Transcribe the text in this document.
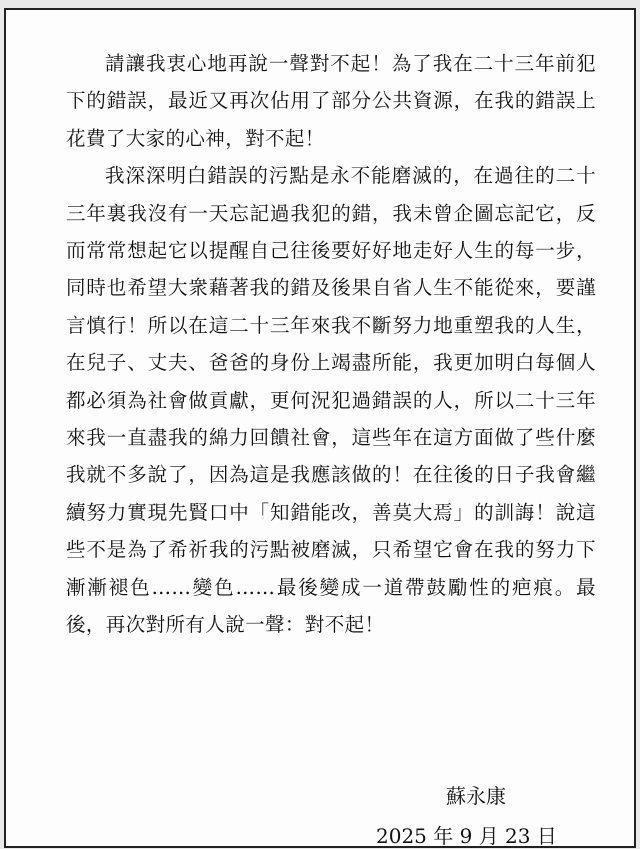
請讓我衷心地再說一聲對不起！為了我在二十三年前犯下的錯誤，最近又再次佔用了部分公共資源，在我的錯誤上花費了大家的心神，對不起！

我深深明白錯誤的污點是永不能磨滅的，在過往的二十三年裏我沒有一天忘記過我犯的錯，我未曾企圖忘記它，反而常常想起它以提醒自己往後要好好地走好人生的每一步，同時也希望大衆藉著我的錯及後果自省人生不能從來，要謹言慎行！所以在這二十三年來我不斷努力地重塑我的人生，在兒子、丈夫、爸爸的身份上竭盡所能，我更加明白每個人都必須為社會做貢獻，更何況犯過錯誤的人，所以二十三年來我一直盡我的綿力回饋社會，這些年在這方面做了些什麼我就不多說了，因為這是我應該做的！在往後的日子我會繼續努力實現先賢口中「知錯能改，善莫大焉」的訓誨！說這些不是為了希祈我的污點被磨滅，只希望它會在我的努力下漸漸褪色……變色……最後變成一道帶鼓勵性的疤痕。最後，再次對所有人說一聲：對不起！

蘇永康
2025 年 9 月 23 日
